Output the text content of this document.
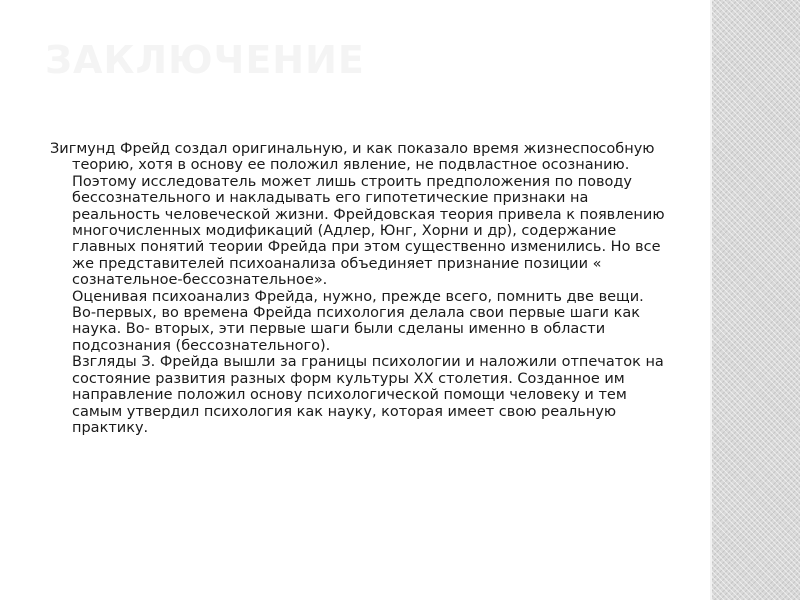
ЗАКЛЮЧЕНИЕ

Зигмунд Фрейд создал оригинальную, и как показало время жизнеспособную теорию, хотя в основу ее положил явление, не подвластное осознанию. Поэтому исследователь может лишь строить предположения по поводу бессознательного и накладывать его гипотетические признаки на реальность человеческой жизни. Фрейдовская теория привела к появлению многочисленных модификаций (Адлер, Юнг, Хорни и др), содержание главных понятий теории Фрейда при этом существенно изменились. Но все же представителей психоанализа объединяет признание позиции « сознательное-бессознательное».

Оценивая психоанализ Фрейда, нужно, прежде всего, помнить две вещи. Во-первых, во времена Фрейда психология делала свои первые шаги как наука. Во- вторых, эти первые шаги были сделаны именно в области подсознания (бессознательного).

Взгляды З. Фрейда вышли за границы психологии и наложили отпечаток на состояние развития разных форм культуры XX столетия. Созданное им направление положил основу психологической помощи человеку и тем самым утвердил психология как науку, которая имеет свою реальную практику.
